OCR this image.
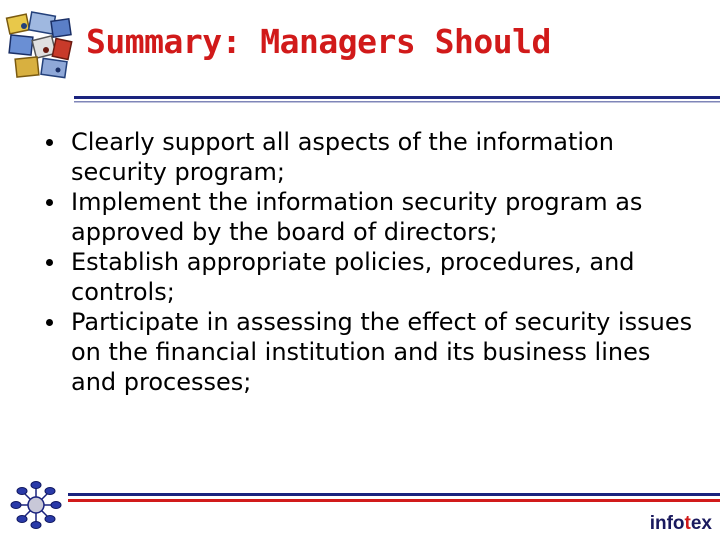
Summary: Managers Should
Clearly support all aspects of the information security program;
Implement the information security program as approved by the board of directors;
Establish appropriate policies, procedures, and controls;
Participate in assessing the effect of security issues on the financial institution and its business lines and processes;
infotex
